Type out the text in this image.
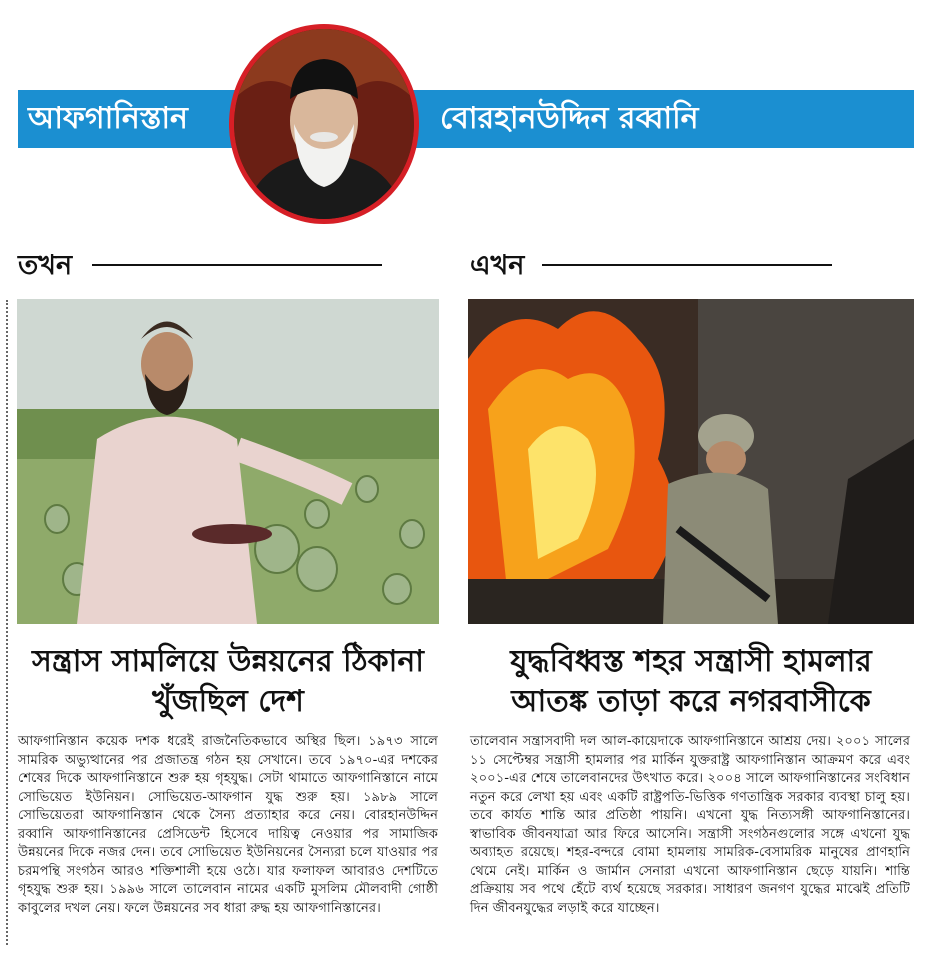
আফগানিস্তান	বোরহানউদ্দিন রব্বানি
তখন
সন্ত্রাস সামলিয়ে উন্নয়নের ঠিকানা
খুঁজছিল দেশ
আফগানিস্তান কয়েক দশক ধরেই রাজনৈতিকভাবে অস্থির ছিল। ১৯৭৩ সালে সামরিক অভ্যুত্থানের পর প্রজাতন্ত্র গঠন হয় সেখানে। তবে ১৯৭০-এর দশকের শেষের দিকে আফগানিস্তানে শুরু হয় গৃহযুদ্ধ। সেটা থামাতে আফগানিস্তানে নামে সোভিয়েত ইউনিয়ন। সোভিয়েত-আফগান যুদ্ধ শুরু হয়। ১৯৮৯ সালে সোভিয়েতরা আফগানিস্তান থেকে সৈন্য প্রত্যাহার করে নেয়। বোরহানউদ্দিন রব্বানি আফগানিস্তানের প্রেসিডেন্ট হিসেবে দায়িত্ব নেওয়ার পর সামাজিক উন্নয়নের দিকে নজর দেন। তবে সোভিয়েত ইউনিয়নের সৈন্যরা চলে যাওয়ার পর চরমপন্থি সংগঠন আরও শক্তিশালী হয়ে ওঠে। যার ফলাফল আবারও দেশটিতে গৃহযুদ্ধ শুরু হয়। ১৯৯৬ সালে তালেবান নামের একটি মুসলিম মৌলবাদী গোষ্ঠী কাবুলের দখল নেয়। ফলে উন্নয়নের সব ধারা রুদ্ধ হয় আফগানিস্তানের।
এখন
যুদ্ধবিধ্বস্ত শহর সন্ত্রাসী হামলার
আতঙ্ক তাড়া করে নগরবাসীকে
তালেবান সন্ত্রাসবাদী দল আল-কায়েদাকে আফগানিস্তানে আশ্রয় দেয়। ২০০১ সালের ১১ সেপ্টেম্বর সন্ত্রাসী হামলার পর মার্কিন যুক্তরাষ্ট্র আফগানিস্তান আক্রমণ করে এবং ২০০১-এর শেষে তালেবানদের উৎখাত করে। ২০০৪ সালে আফগানিস্তানের সংবিধান নতুন করে লেখা হয় এবং একটি রাষ্ট্রপতি-ভিত্তিক গণতান্ত্রিক সরকার ব্যবস্থা চালু হয়। তবে কার্যত শান্তি আর প্রতিষ্ঠা পায়নি। এখনো যুদ্ধ নিত্যসঙ্গী আফগানিস্তানের। স্বাভাবিক জীবনযাত্রা আর ফিরে আসেনি। সন্ত্রাসী সংগঠনগুলোর সঙ্গে এখনো যুদ্ধ অব্যাহত রয়েছে। শহর-বন্দরে বোমা হামলায় সামরিক-বেসামরিক মানুষের প্রাণহানি থেমে নেই। মার্কিন ও জার্মান সেনারা এখনো আফগানিস্তান ছেড়ে যায়নি। শান্তি প্রক্রিয়ায় সব পথে হেঁটে ব্যর্থ হয়েছে সরকার। সাধারণ জনগণ যুদ্ধের মাঝেই প্রতিটি দিন জীবনযুদ্ধের লড়াই করে যাচ্ছেন।
